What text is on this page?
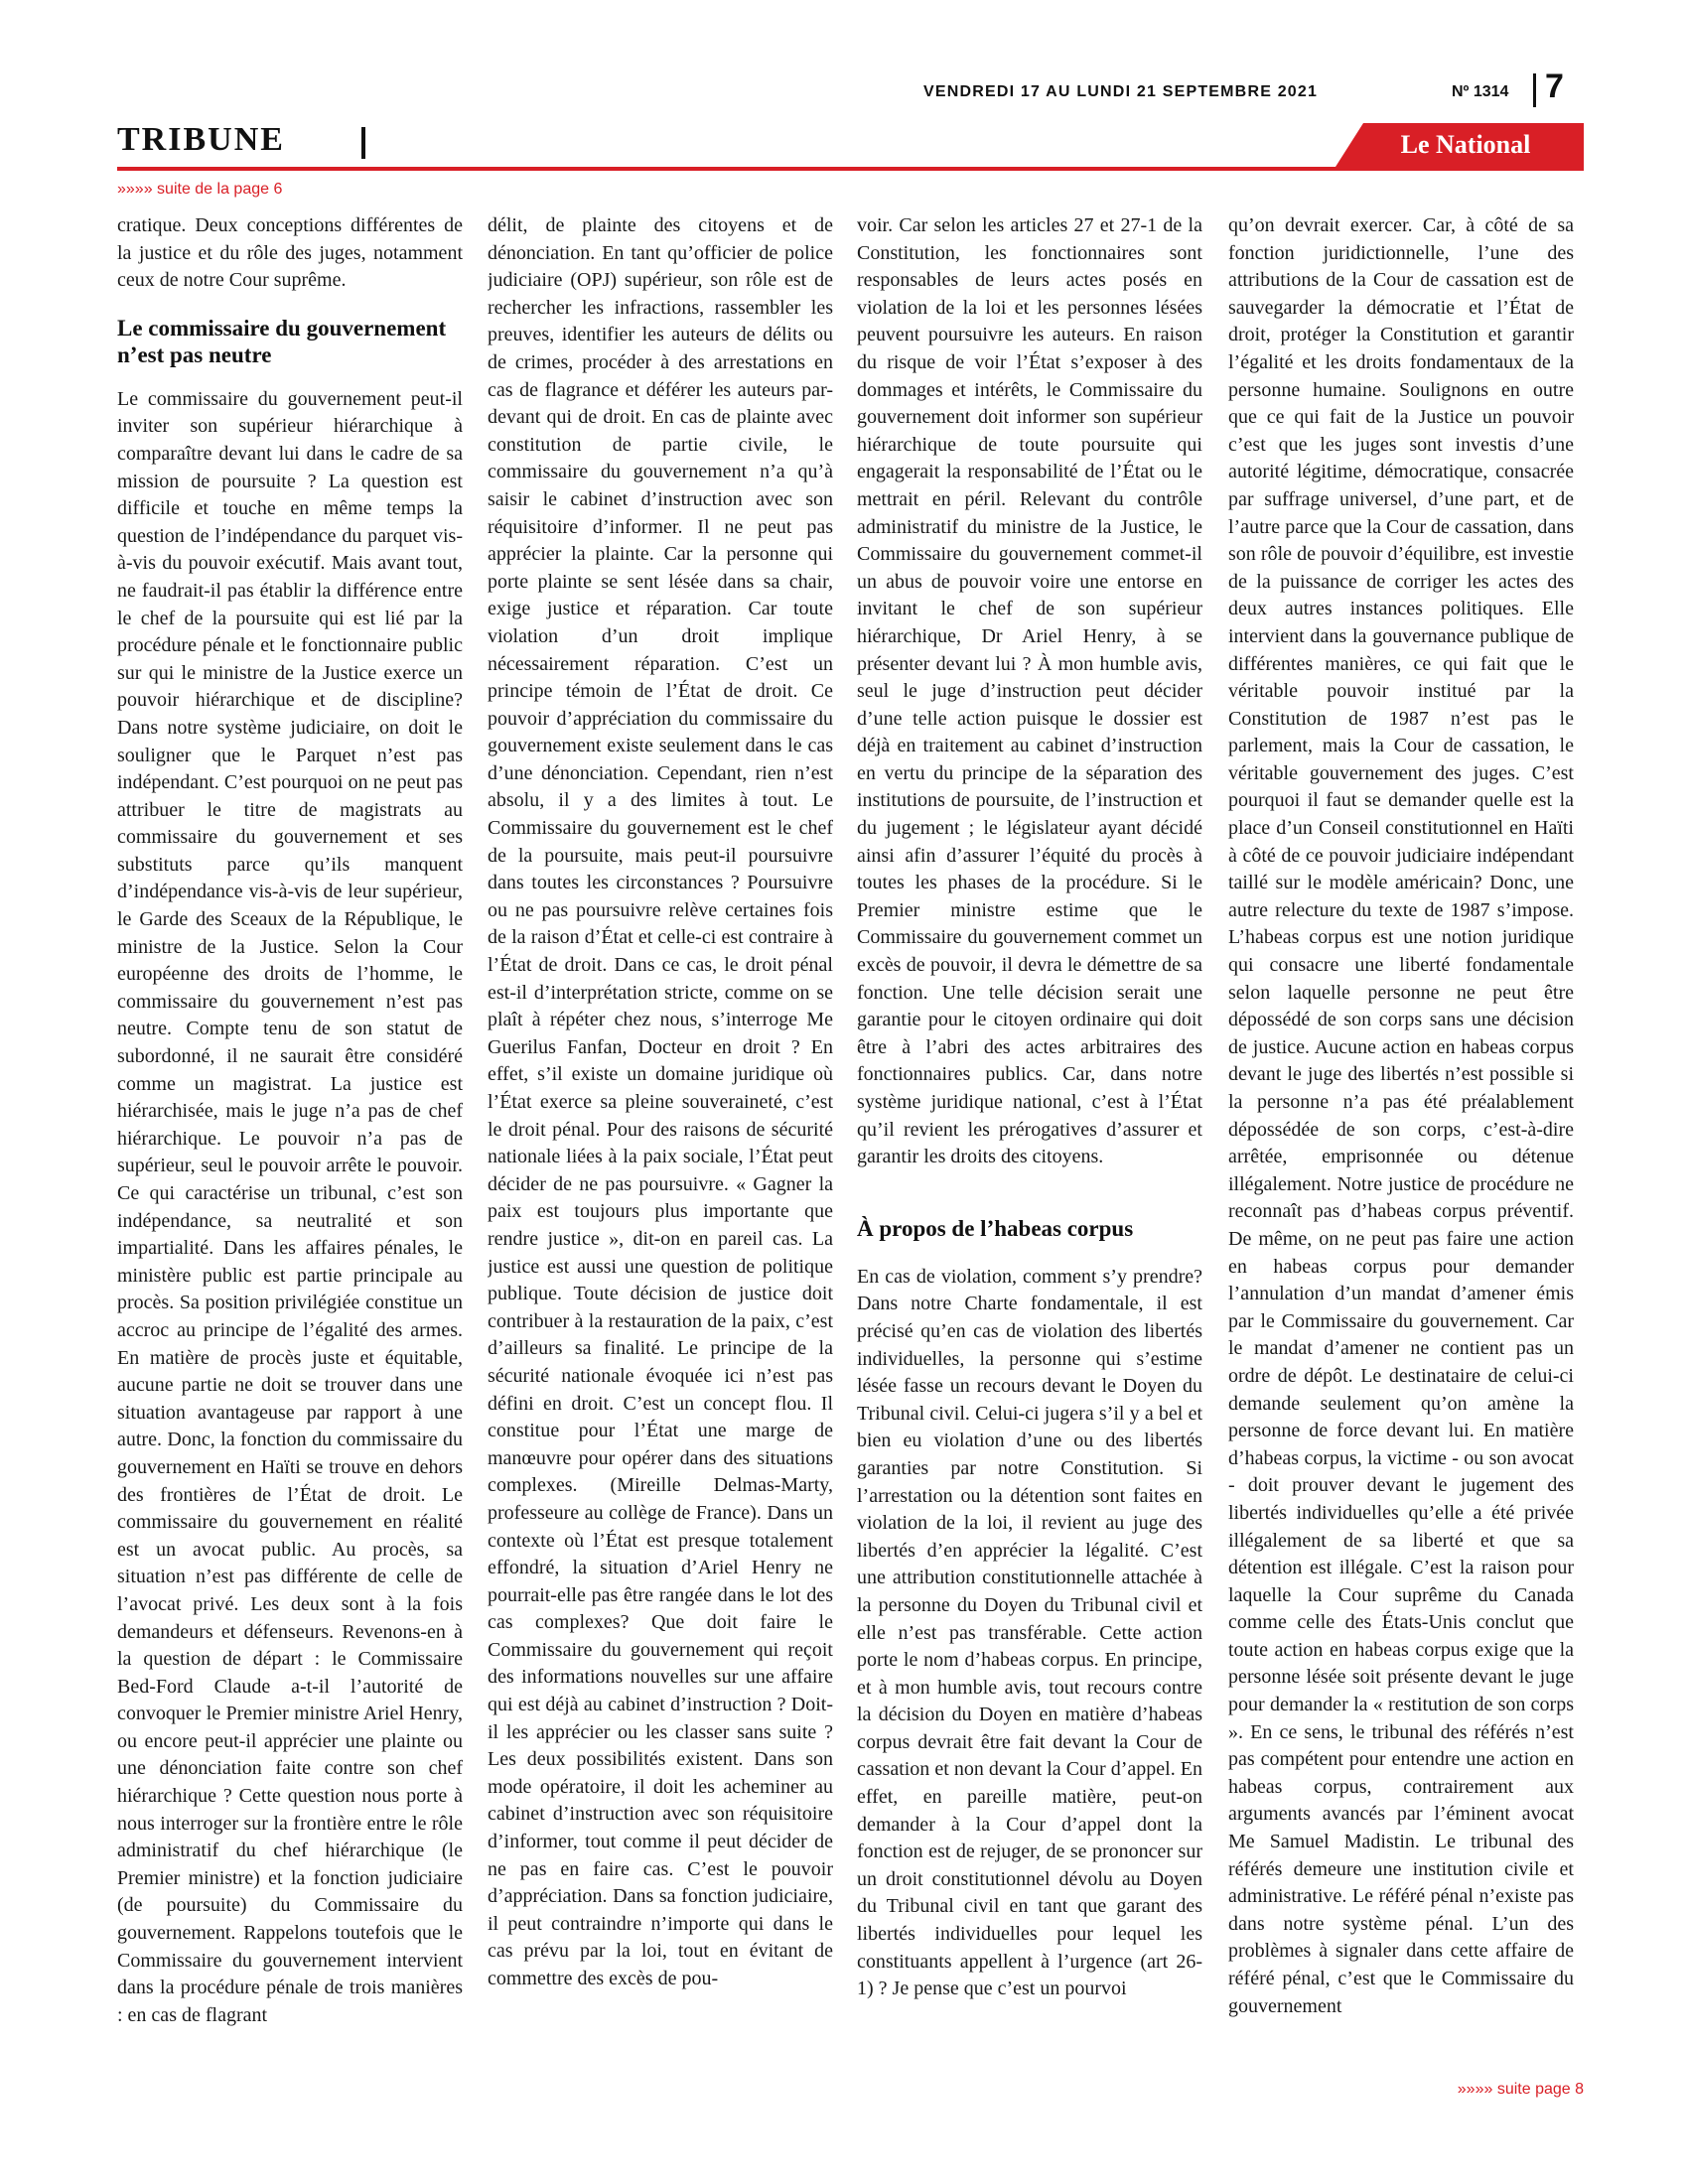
VENDREDI 17 AU LUNDI 21 SEPTEMBRE 2021	Nº 1314 7
TRIBUNE	Le National
»»»» suite de la page 6

cratique. Deux conceptions différentes de la justice et du rôle des juges, notamment ceux de notre Cour suprême.

Le commissaire du gouvernement n’est pas neutre

Le commissaire du gouvernement peut-il inviter son supérieur hiérarchique à comparaître devant lui dans le cadre de sa mission de poursuite ? La question est difficile et touche en même temps la question de l’indépendance du parquet vis-à-vis du pouvoir exécutif. Mais avant tout, ne faudrait-il pas établir la différence entre le chef de la poursuite qui est lié par la procédure pénale et le fonctionnaire public sur qui le ministre de la Justice exerce un pouvoir hiérarchique et de discipline? Dans notre système judiciaire, on doit le souligner que le Parquet n’est pas indépendant. C’est pourquoi on ne peut pas attribuer le titre de magistrats au commissaire du gouvernement et ses substituts parce qu’ils manquent d’indépendance vis-à-vis de leur supérieur, le Garde des Sceaux de la République, le ministre de la Justice. Selon la Cour européenne des droits de l’homme, le commissaire du gouvernement n’est pas neutre. Compte tenu de son statut de subordonné, il ne saurait être considéré comme un magistrat. La justice est hiérarchisée, mais le juge n’a pas de chef hiérarchique. Le pouvoir n’a pas de supérieur, seul le pouvoir arrête le pouvoir. Ce qui caractérise un tribunal, c’est son indépendance, sa neutralité et son impartialité. Dans les affaires pénales, le ministère public est partie principale au procès. Sa position privilégiée constitue un accroc au principe de l’égalité des armes. En matière de procès juste et équitable, aucune partie ne doit se trouver dans une situation avantageuse par rapport à une autre. Donc, la fonction du commissaire du gouvernement en Haïti se trouve en dehors des frontières de l’État de droit. Le commissaire du gouvernement en réalité est un avocat public. Au procès, sa situation n’est pas différente de celle de l’avocat privé. Les deux sont à la fois demandeurs et défenseurs. Revenons-en à la question de départ : le Commissaire Bed-Ford Claude a-t-il l’autorité de convoquer le Premier ministre Ariel Henry, ou encore peut-il apprécier une plainte ou une dénonciation faite contre son chef hiérarchique ? Cette question nous porte à nous interroger sur la frontière entre le rôle administratif du chef hiérarchique (le Premier ministre) et la fonction judiciaire (de poursuite) du Commissaire du gouvernement. Rappelons toutefois que le Commissaire du gouvernement intervient dans la procédure pénale de trois manières : en cas de flagrant

délit, de plainte des citoyens et de dénonciation. En tant qu’officier de police judiciaire (OPJ) supérieur, son rôle est de rechercher les infractions, rassembler les preuves, identifier les auteurs de délits ou de crimes, procéder à des arrestations en cas de flagrance et déférer les auteurs par-devant qui de droit. En cas de plainte avec constitution de partie civile, le commissaire du gouvernement n’a qu’à saisir le cabinet d’instruction avec son réquisitoire d’informer. Il ne peut pas apprécier la plainte. Car la personne qui porte plainte se sent lésée dans sa chair, exige justice et réparation. Car toute violation d’un droit implique nécessairement réparation. C’est un principe témoin de l’État de droit. Ce pouvoir d’appréciation du commissaire du gouvernement existe seulement dans le cas d’une dénonciation. Cependant, rien n’est absolu, il y a des limites à tout. Le Commissaire du gouvernement est le chef de la poursuite, mais peut-il poursuivre dans toutes les circonstances ? Poursuivre ou ne pas poursuivre relève certaines fois de la raison d’État et celle-ci est contraire à l’État de droit. Dans ce cas, le droit pénal est-il d’interprétation stricte, comme on se plaît à répéter chez nous, s’interroge Me Guerilus Fanfan, Docteur en droit ? En effet, s’il existe un domaine juridique où l’État exerce sa pleine souveraineté, c’est le droit pénal. Pour des raisons de sécurité nationale liées à la paix sociale, l’État peut décider de ne pas poursuivre. « Gagner la paix est toujours plus importante que rendre justice », dit-on en pareil cas. La justice est aussi une question de politique publique. Toute décision de justice doit contribuer à la restauration de la paix, c’est d’ailleurs sa finalité. Le principe de la sécurité nationale évoquée ici n’est pas défini en droit. C’est un concept flou. Il constitue pour l’État une marge de manœuvre pour opérer dans des situations complexes. (Mireille Delmas-Marty, professeure au collège de France). Dans un contexte où l’État est presque totalement effondré, la situation d’Ariel Henry ne pourrait-elle pas être rangée dans le lot des cas complexes? Que doit faire le Commissaire du gouvernement qui reçoit des informations nouvelles sur une affaire qui est déjà au cabinet d’instruction ? Doit-il les apprécier ou les classer sans suite ? Les deux possibilités existent. Dans son mode opératoire, il doit les acheminer au cabinet d’instruction avec son réquisitoire d’informer, tout comme il peut décider de ne pas en faire cas. C’est le pouvoir d’appréciation. Dans sa fonction judiciaire, il peut contraindre n’importe qui dans le cas prévu par la loi, tout en évitant de commettre des excès de pou-

voir. Car selon les articles 27 et 27-1 de la Constitution, les fonctionnaires sont responsables de leurs actes posés en violation de la loi et les personnes lésées peuvent poursuivre les auteurs. En raison du risque de voir l’État s’exposer à des dommages et intérêts, le Commissaire du gouvernement doit informer son supérieur hiérarchique de toute poursuite qui engagerait la responsabilité de l’État ou le mettrait en péril. Relevant du contrôle administratif du ministre de la Justice, le Commissaire du gouvernement commet-il un abus de pouvoir voire une entorse en invitant le chef de son supérieur hiérarchique, Dr Ariel Henry, à se présenter devant lui ? À mon humble avis, seul le juge d’instruction peut décider d’une telle action puisque le dossier est déjà en traitement au cabinet d’instruction en vertu du principe de la séparation des institutions de poursuite, de l’instruction et du jugement ; le législateur ayant décidé ainsi afin d’assurer l’équité du procès à toutes les phases de la procédure. Si le Premier ministre estime que le Commissaire du gouvernement commet un excès de pouvoir, il devra le démettre de sa fonction. Une telle décision serait une garantie pour le citoyen ordinaire qui doit être à l’abri des actes arbitraires des fonctionnaires publics. Car, dans notre système juridique national, c’est à l’État qu’il revient les prérogatives d’assurer et garantir les droits des citoyens.

À propos de l’habeas corpus

En cas de violation, comment s’y prendre? Dans notre Charte fondamentale, il est précisé qu’en cas de violation des libertés individuelles, la personne qui s’estime lésée fasse un recours devant le Doyen du Tribunal civil. Celui-ci jugera s’il y a bel et bien eu violation d’une ou des libertés garanties par notre Constitution. Si l’arrestation ou la détention sont faites en violation de la loi, il revient au juge des libertés d’en apprécier la légalité. C’est une attribution constitutionnelle attachée à la personne du Doyen du Tribunal civil et elle n’est pas transférable. Cette action porte le nom d’habeas corpus. En principe, et à mon humble avis, tout recours contre la décision du Doyen en matière d’habeas corpus devrait être fait devant la Cour de cassation et non devant la Cour d’appel. En effet, en pareille matière, peut-on demander à la Cour d’appel dont la fonction est de rejuger, de se prononcer sur un droit constitutionnel dévolu au Doyen du Tribunal civil en tant que garant des libertés individuelles pour lequel les constituants appellent à l’urgence (art 26-1) ? Je pense que c’est un pourvoi

qu’on devrait exercer. Car, à côté de sa fonction juridictionnelle, l’une des attributions de la Cour de cassation est de sauvegarder la démocratie et l’État de droit, protéger la Constitution et garantir l’égalité et les droits fondamentaux de la personne humaine. Soulignons en outre que ce qui fait de la Justice un pouvoir c’est que les juges sont investis d’une autorité légitime, démocratique, consacrée par suffrage universel, d’une part, et de l’autre parce que la Cour de cassation, dans son rôle de pouvoir d’équilibre, est investie de la puissance de corriger les actes des deux autres instances politiques. Elle intervient dans la gouvernance publique de différentes manières, ce qui fait que le véritable pouvoir institué par la Constitution de 1987 n’est pas le parlement, mais la Cour de cassation, le véritable gouvernement des juges. C’est pourquoi il faut se demander quelle est la place d’un Conseil constitutionnel en Haïti à côté de ce pouvoir judiciaire indépendant taillé sur le modèle américain? Donc, une autre relecture du texte de 1987 s’impose. L’habeas corpus est une notion juridique qui consacre une liberté fondamentale selon laquelle personne ne peut être dépossédé de son corps sans une décision de justice. Aucune action en habeas corpus devant le juge des libertés n’est possible si la personne n’a pas été préalablement dépossédée de son corps, c’est-à-dire arrêtée, emprisonnée ou détenue illégalement. Notre justice de procédure ne reconnaît pas d’habeas corpus préventif. De même, on ne peut pas faire une action en habeas corpus pour demander l’annulation d’un mandat d’amener émis par le Commissaire du gouvernement. Car le mandat d’amener ne contient pas un ordre de dépôt. Le destinataire de celui-ci demande seulement qu’on amène la personne de force devant lui. En matière d’habeas corpus, la victime - ou son avocat - doit prouver devant le jugement des libertés individuelles qu’elle a été privée illégalement de sa liberté et que sa détention est illégale. C’est la raison pour laquelle la Cour suprême du Canada comme celle des États-Unis conclut que toute action en habeas corpus exige que la personne lésée soit présente devant le juge pour demander la « restitution de son corps ». En ce sens, le tribunal des référés n’est pas compétent pour entendre une action en habeas corpus, contrairement aux arguments avancés par l’éminent avocat Me Samuel Madistin. Le tribunal des référés demeure une institution civile et administrative. Le référé pénal n’existe pas dans notre système pénal. L’un des problèmes à signaler dans cette affaire de référé pénal, c’est que le Commissaire du gouvernement

»»»» suite page 8
